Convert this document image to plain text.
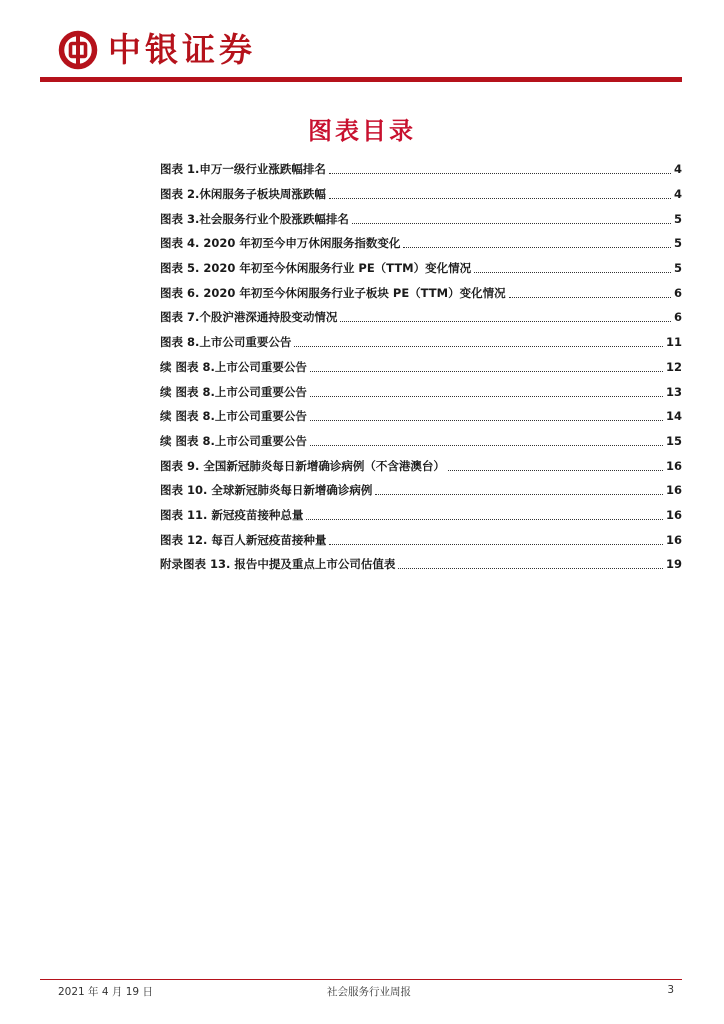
中银证券
图表目录
图表 1.申万一级行业涨跌幅排名	4
图表 2.休闲服务子板块周涨跌幅	4
图表 3.社会服务行业个股涨跌幅排名	5
图表 4. 2020 年初至今申万休闲服务指数变化	5
图表 5. 2020 年初至今休闲服务行业 PE（TTM）变化情况	5
图表 6. 2020 年初至今休闲服务行业子板块 PE（TTM）变化情况	6
图表 7.个股沪港深通持股变动情况	6
图表 8.上市公司重要公告	11
续 图表 8.上市公司重要公告	12
续 图表 8.上市公司重要公告	13
续 图表 8.上市公司重要公告	14
续 图表 8.上市公司重要公告	15
图表 9. 全国新冠肺炎每日新增确诊病例（不含港澳台）	16
图表 10. 全球新冠肺炎每日新增确诊病例	16
图表 11. 新冠疫苗接种总量	16
图表 12. 每百人新冠疫苗接种量	16
附录图表 13. 报告中提及重点上市公司估值表	19
2021 年 4 月 19 日	社会服务行业周报	3
